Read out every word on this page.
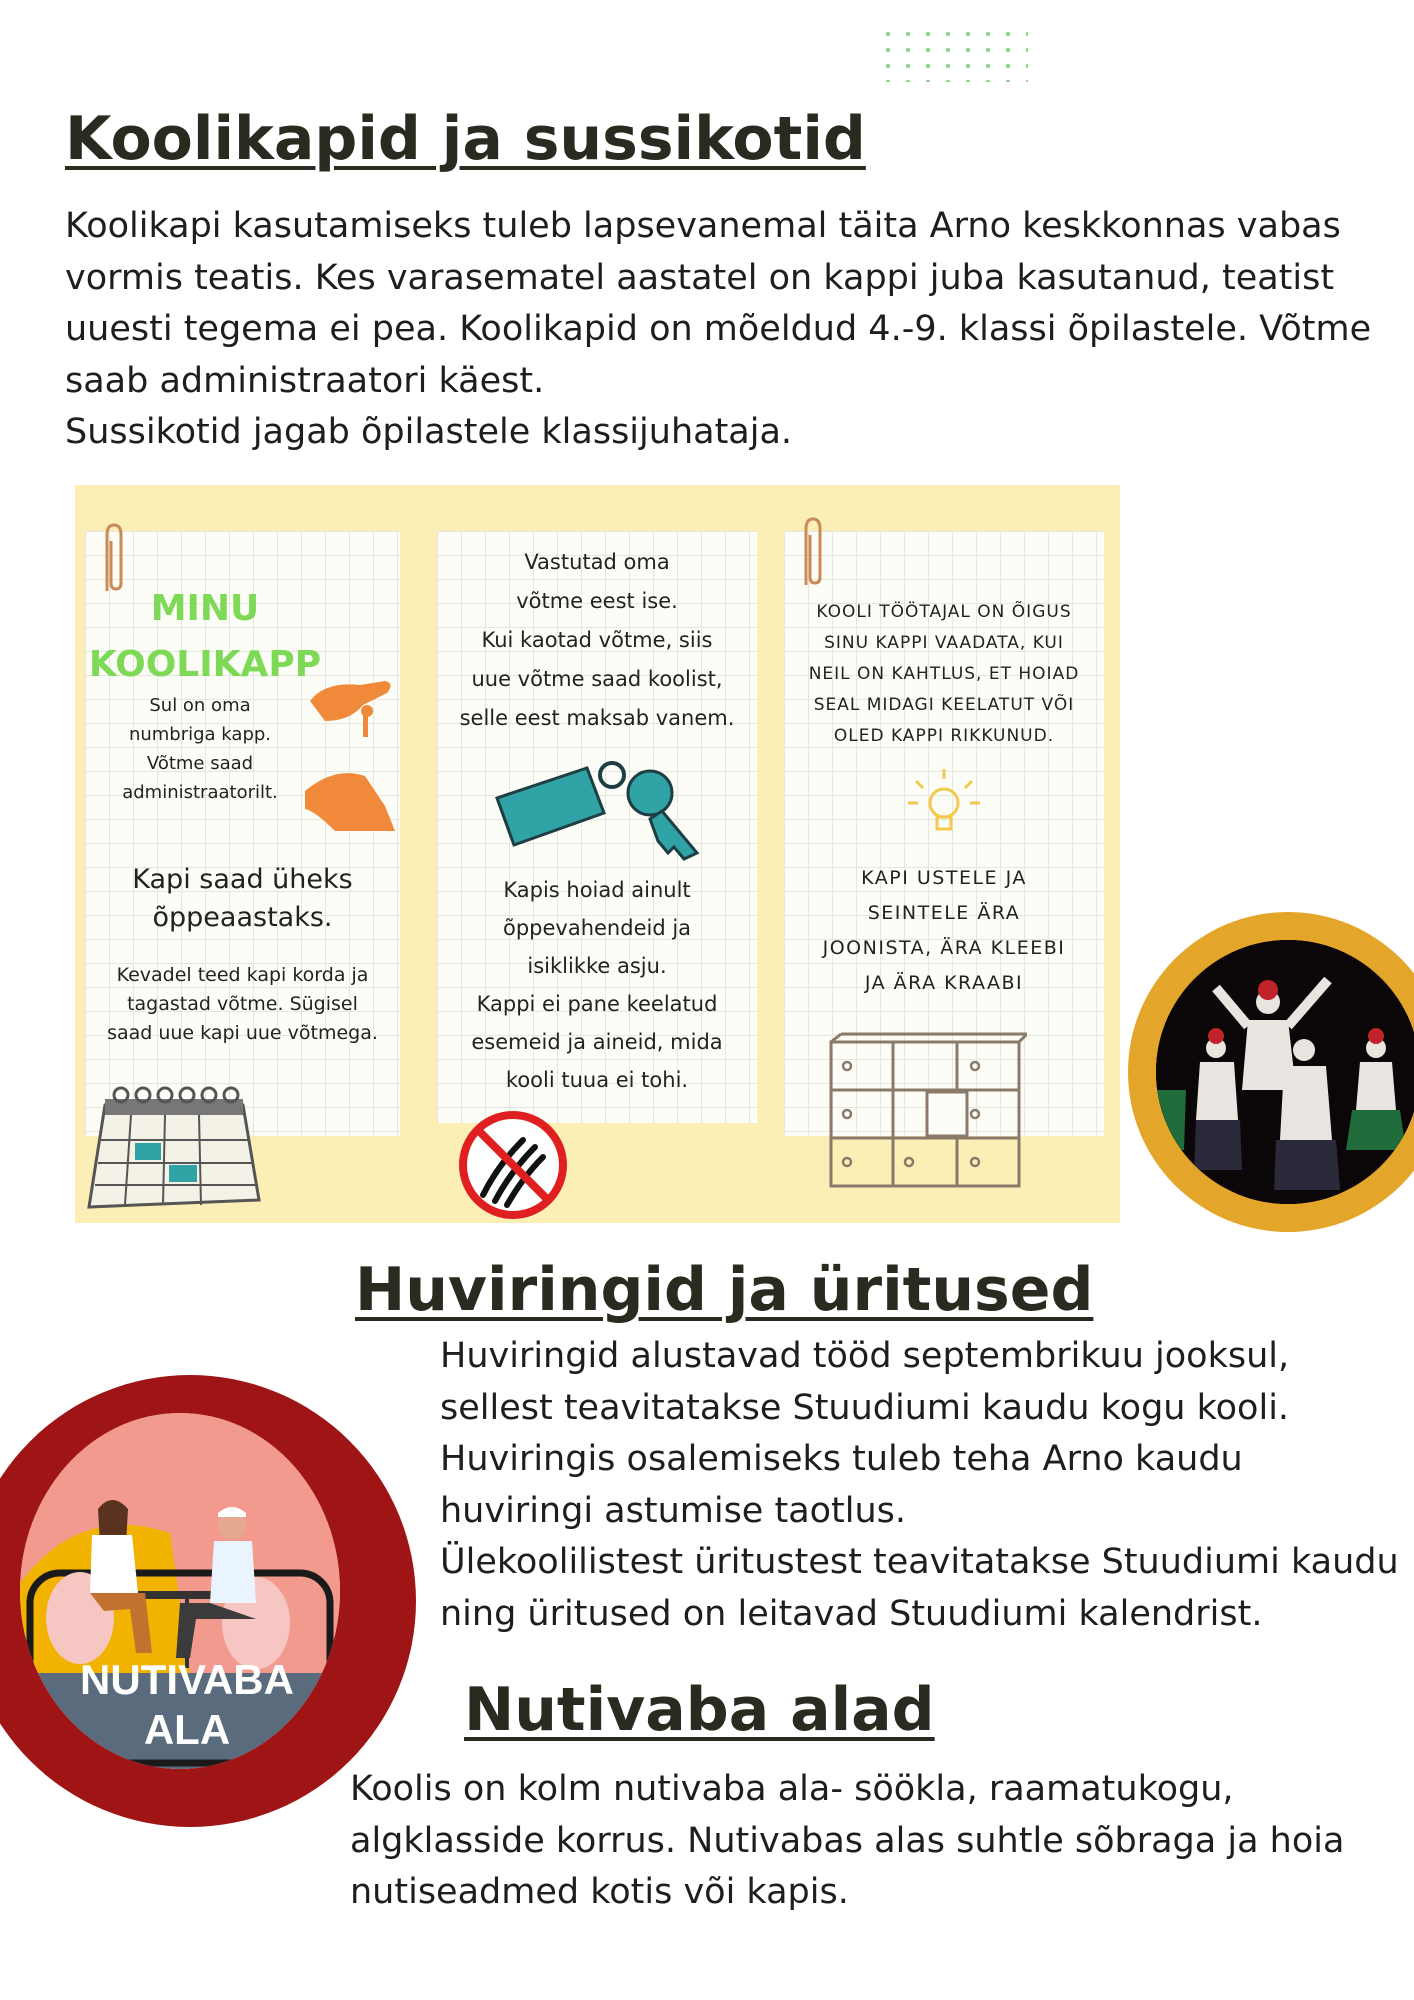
Koolikapid ja sussikotid
Koolikapi kasutamiseks tuleb lapsevanemal täita Arno keskkonnas vabas
vormis teatis. Kes varasematel aastatel on kappi juba kasutanud, teatist
uuesti tegema ei pea. Koolikapid on mõeldud 4.-9. klassi õpilastele. Võtme
saab administraatori käest.
Sussikotid jagab õpilastele klassijuhataja.

MINU
KOOLIKAPP

Sul on oma
numbriga kapp.
Võtme saad
administraatorilt.

Kapi saad üheks
õppeaastaks.

Kevadel teed kapi korda ja
tagastad võtme. Sügisel
saad uue kapi uue võtmega.

Vastutad oma
võtme eest ise.
Kui kaotad võtme, siis
uue võtme saad koolist,
selle eest maksab vanem.

Kapis hoiad ainult
õppevahendeid ja
isiklikke asju.
Kappi ei pane keelatud
esemeid ja aineid, mida
kooli tuua ei tohi.

KOOLI TÖÖTAJAL ON ÕIGUS
SINU KAPPI VAADATA, KUI
NEIL ON KAHTLUS, ET HOIAD
SEAL MIDAGI KEELATUT VÕI
OLED KAPPI RIKKUNUD.

KAPI USTELE JA
SEINTELE ÄRA
JOONISTA, ÄRA KLEEBI
JA ÄRA KRAABI

Huviringid ja üritused
Huviringid alustavad tööd septembrikuu jooksul,
sellest teavitatakse Stuudiumi kaudu kogu kooli.
Huviringis osalemiseks tuleb teha Arno kaudu
huviringi astumise taotlus.
Ülekoolilistest üritustest teavitatakse Stuudiumi kaudu
ning üritused on leitavad Stuudiumi kalendrist.

NUTIVABA
ALA	Nutivaba alad
Koolis on kolm nutivaba ala- söökla, raamatukogu,
algklasside korrus. Nutivabas alas suhtle sõbraga ja hoia
nutiseadmed kotis või kapis.
